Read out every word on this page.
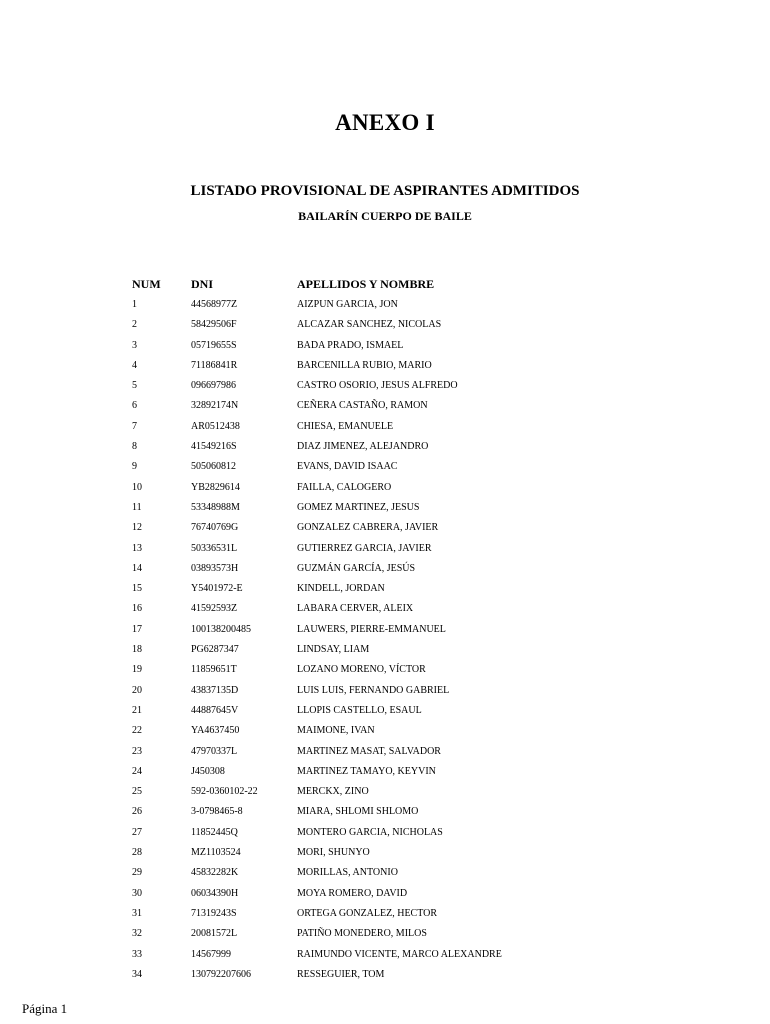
ANEXO I
LISTADO PROVISIONAL DE ASPIRANTES ADMITIDOS
BAILARÍN CUERPO DE BAILE
NUM	DNI	APELLIDOS Y NOMBRE
1	44568977Z	AIZPUN GARCIA, JON
2	58429506F	ALCAZAR SANCHEZ, NICOLAS
3	05719655S	BADA PRADO, ISMAEL
4	71186841R	BARCENILLA RUBIO, MARIO
5	096697986	CASTRO OSORIO, JESUS ALFREDO
6	32892174N	CEÑERA CASTAÑO, RAMON
7	AR0512438	CHIESA, EMANUELE
8	41549216S	DIAZ JIMENEZ, ALEJANDRO
9	505060812	EVANS, DAVID ISAAC
10	YB2829614	FAILLA, CALOGERO
11	53348988M	GOMEZ MARTINEZ, JESUS
12	76740769G	GONZALEZ CABRERA, JAVIER
13	50336531L	GUTIERREZ GARCIA, JAVIER
14	03893573H	GUZMÁN GARCÍA, JESÚS
15	Y5401972-E	KINDELL, JORDAN
16	41592593Z	LABARA CERVER, ALEIX
17	100138200485	LAUWERS, PIERRE-EMMANUEL
18	PG6287347	LINDSAY, LIAM
19	11859651T	LOZANO MORENO, VÍCTOR
20	43837135D	LUIS LUIS, FERNANDO GABRIEL
21	44887645V	LLOPIS CASTELLO, ESAUL
22	YA4637450	MAIMONE, IVAN
23	47970337L	MARTINEZ MASAT, SALVADOR
24	J450308	MARTINEZ TAMAYO, KEYVIN
25	592-0360102-22	MERCKX, ZINO
26	3-0798465-8	MIARA, SHLOMI SHLOMO
27	11852445Q	MONTERO GARCIA, NICHOLAS
28	MZ1103524	MORI, SHUNYO
29	45832282K	MORILLAS, ANTONIO
30	06034390H	MOYA ROMERO, DAVID
31	71319243S	ORTEGA GONZALEZ, HECTOR
32	20081572L	PATIÑO MONEDERO, MILOS
33	14567999	RAIMUNDO VICENTE, MARCO ALEXANDRE
34	130792207606	RESSEGUIER, TOM
Página 1
